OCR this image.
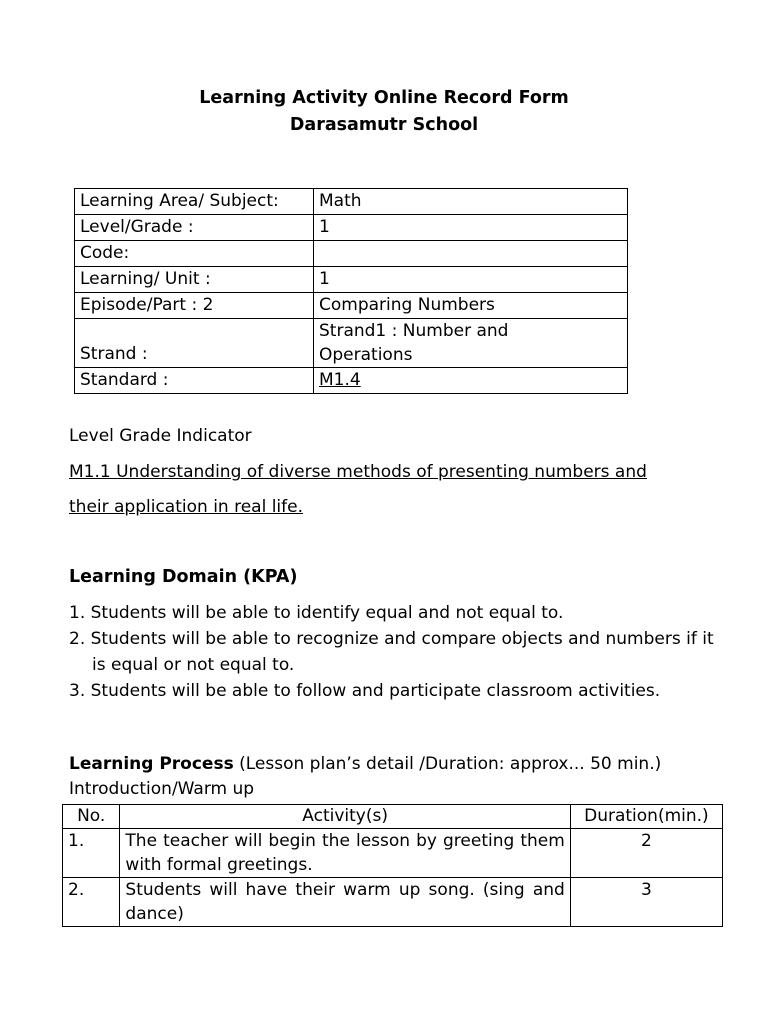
Learning Activity Online Record Form
Darasamutr School
Learning Area/ Subject:	Math
Level/Grade :	1
Code:	
Learning/ Unit :	1
Episode/Part : 2	Comparing Numbers
Strand :	Strand1 : Number and
Operations

Standard :	M1.4
Level Grade Indicator
M1.1 Understanding of diverse methods of presenting numbers and
their application in real life.
Learning Domain (KPA)
1. Students will be able to identify equal and not equal to.
2. Students will be able to recognize and compare objects and numbers if it is equal or not equal to.
3. Students will be able to follow and participate classroom activities.
Learning Process (Lesson plan’s detail /Duration: approx... 50 min.)
Introduction/Warm up
No.	Activity(s)	Duration(min.)
1.	The teacher will begin the lesson by greeting them with formal greetings.	2
2.	Students will have their warm up song. (sing and dance)	3
